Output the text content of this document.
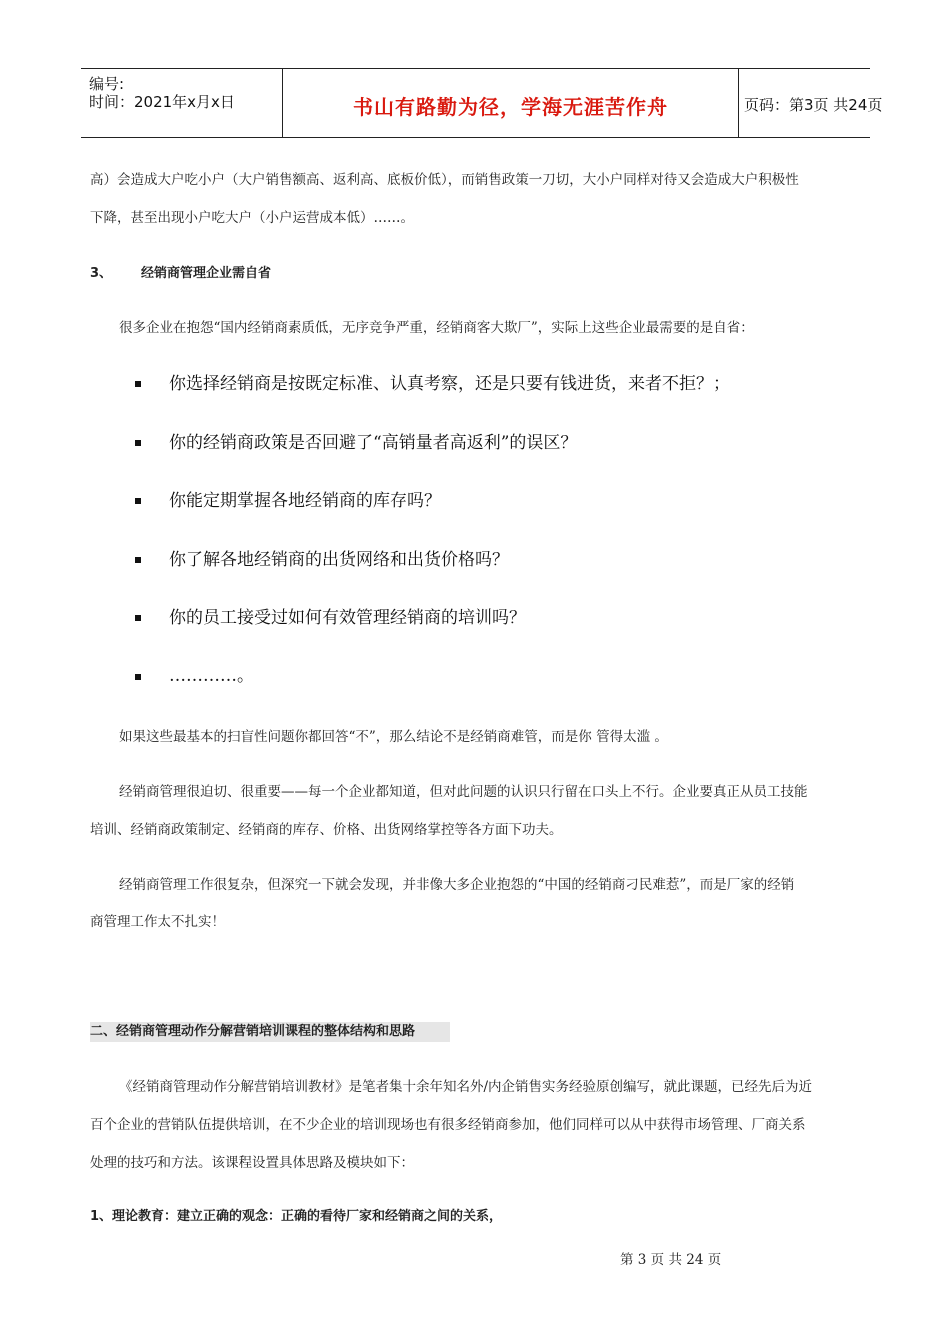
编号:
时间：2021年x月x日	书山有路勤为径，学海无涯苦作舟	页码：第3页 共24页
高）会造成大户吃小户（大户销售额高、返利高、底板价低），而销售政策一刀切，大小户同样对待又会造成大户积极性
下降，甚至出现小户吃大户（小户运营成本低）……。
3、 经销商管理企业需自省
很多企业在抱怨“国内经销商素质低，无序竞争严重，经销商客大欺厂”，实际上这些企业最需要的是自省：
你选择经销商是按既定标准、认真考察，还是只要有钱进货，来者不拒？；
你的经销商政策是否回避了“高销量者高返利”的误区？
你能定期掌握各地经销商的库存吗？
你了解各地经销商的出货网络和出货价格吗？
你的员工接受过如何有效管理经销商的培训吗？
…………。
如果这些最基本的扫盲性问题你都回答“不”，那么结论不是经销商难管，而是你 管得太滥 。
经销商管理很迫切、很重要——每一个企业都知道，但对此问题的认识只行留在口头上不行。企业要真正从员工技能
培训、经销商政策制定、经销商的库存、价格、出货网络掌控等各方面下功夫。
经销商管理工作很复杂，但深究一下就会发现，并非像大多企业抱怨的“中国的经销商刁民难惹”，而是厂家的经销
商管理工作太不扎实！
二、经销商管理动作分解营销培训课程的整体结构和思路
《经销商管理动作分解营销培训教材》是笔者集十余年知名外/内企销售实务经验原创编写，就此课题，已经先后为近
百个企业的营销队伍提供培训，在不少企业的培训现场也有很多经销商参加，他们同样可以从中获得市场管理、厂商关系
处理的技巧和方法。该课程设置具体思路及模块如下：
1、理论教育：建立正确的观念：正确的看待厂家和经销商之间的关系，
第 3 页 共 24 页
